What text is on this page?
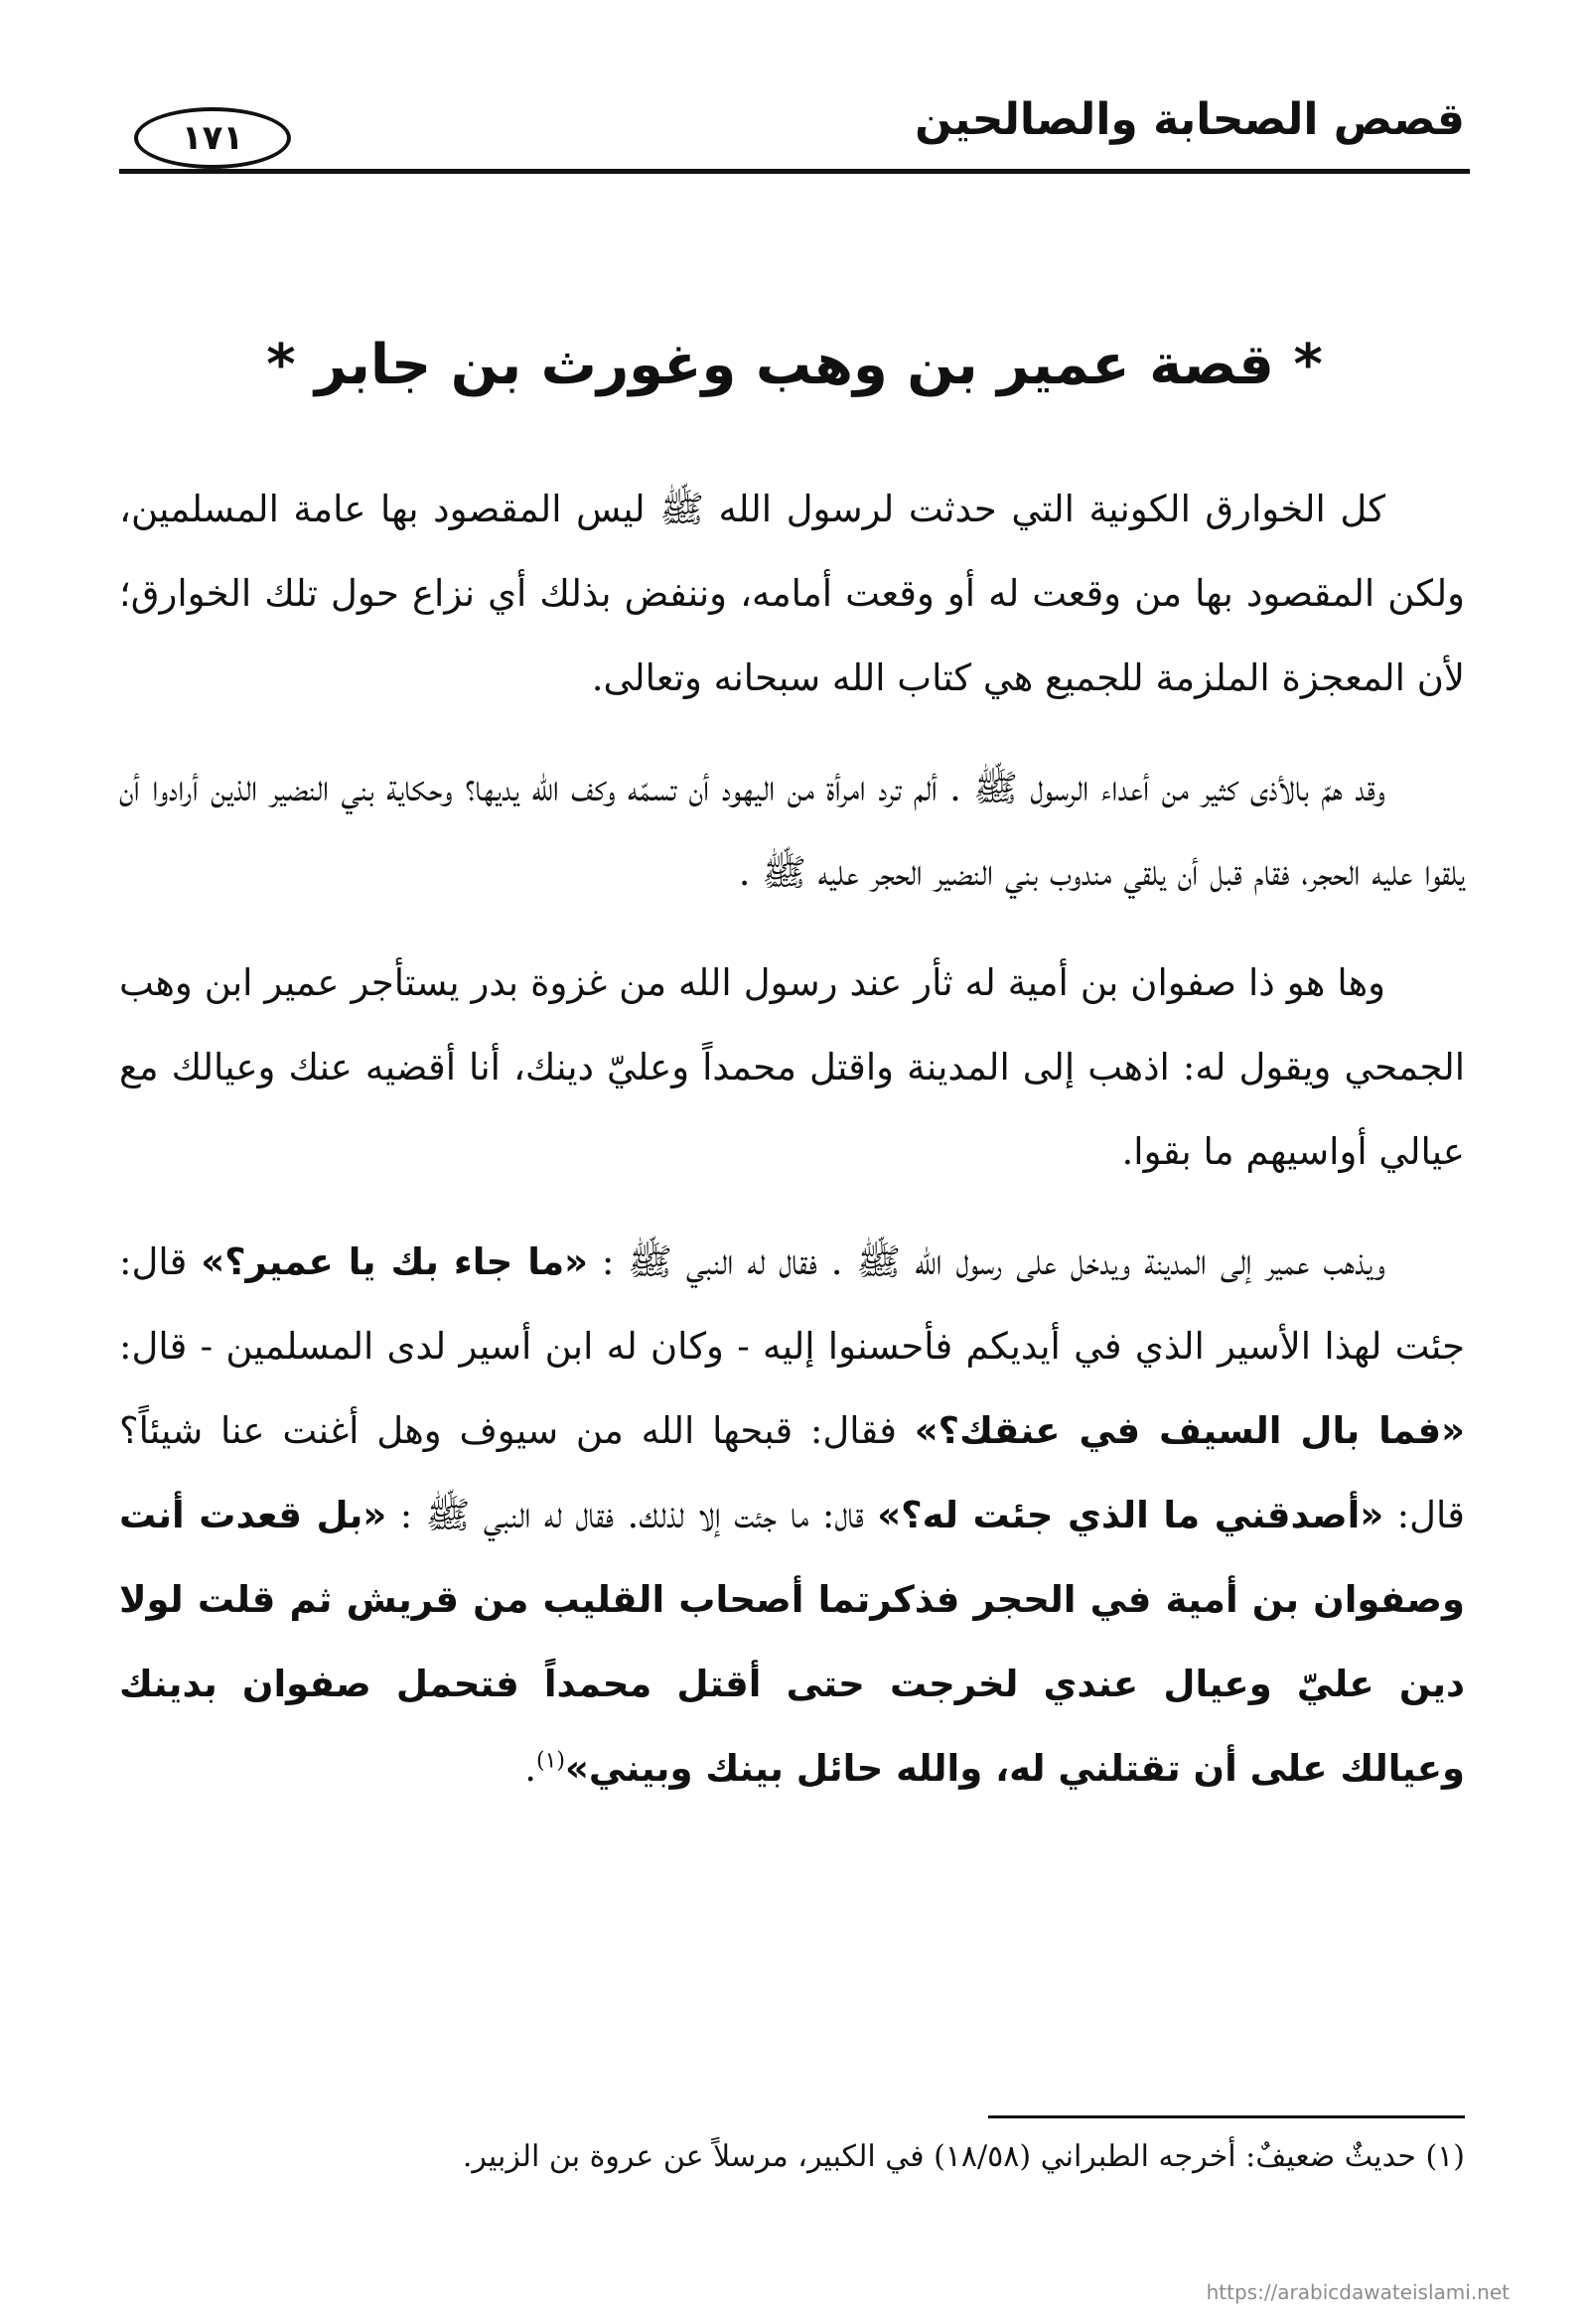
قصص الصحابة والصالحين
١٧١
* قصة عمير بن وهب وغورث بن جابر *

كل الخوارق الكونية التي حدثت لرسول الله ﷺ ليس المقصود بها عامة المسلمين، ولكن المقصود بها من وقعت له أو وقعت أمامه، وننفض بذلك أي نزاع حول تلك الخوارق؛ لأن المعجزة الملزمة للجميع هي كتاب الله سبحانه وتعالى.

وقد همّ بالأذى كثير من أعداء الرسول ﷺ . ألم ترد امرأة من اليهود أن تسمّه وكف الله يديها؟ وحكاية بني النضير الذين أرادوا أن يلقوا عليه الحجر، فقام قبل أن يلقي مندوب بني النضير الحجر عليه ﷺ .

وها هو ذا صفوان بن أمية له ثأر عند رسول الله من غزوة بدر يستأجر عمير ابن وهب الجمحي ويقول له: اذهب إلى المدينة واقتل محمداً وعليّ دينك، أنا أقضيه عنك وعيالك مع عيالي أواسيهم ما بقوا.

ويذهب عمير إلى المدينة ويدخل على رسول الله ﷺ . فقال له النبي ﷺ : «ما جاء بك يا عمير؟» قال: جئت لهذا الأسير الذي في أيديكم فأحسنوا إليه - وكان له ابن أسير لدى المسلمين - قال: «فما بال السيف في عنقك؟» فقال: قبحها الله من سيوف وهل أغنت عنا شيئاً؟ قال: «أصدقني ما الذي جئت له؟» قال: ما جئت إلا لذلك. فقال له النبي ﷺ : «بل قعدت أنت وصفوان بن أمية في الحجر فذكرتما أصحاب القليب من قريش ثم قلت لولا دين عليّ وعيال عندي لخرجت حتى أقتل محمداً فتحمل صفوان بدينك وعيالك على أن تقتلني له، والله حائل بينك وبيني»$^{(١)}$.

(١) حديثٌ ضعيفٌ: أخرجه الطبراني (١٨/٥٨) في الكبير، مرسلاً عن عروة بن الزبير.
https://arabicdawateislami.net
